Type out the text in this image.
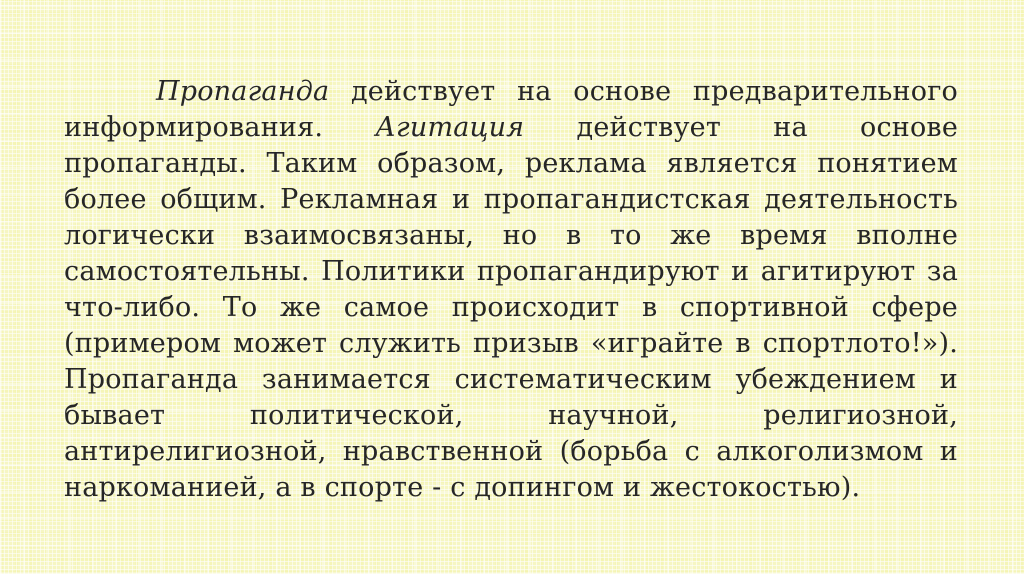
Пропаганда действует на основе предварительного информирования. Агитация действует на основе пропаганды. Таким образом, реклама является понятием более общим. Рекламная и пропагандистская деятельность логически взаимосвязаны, но в то же время вполне самостоятельны. Политики пропагандируют и агитируют за что-либо. То же самое происходит в спортивной сфере (примером может служить призыв «играйте в спортлото!»). Пропаганда занимается систематическим убеждением и бывает политической, научной, религиозной, антирелигиозной, нравственной (борьба с алкоголизмом и наркоманией, а в спорте - с допингом и жестокостью).
